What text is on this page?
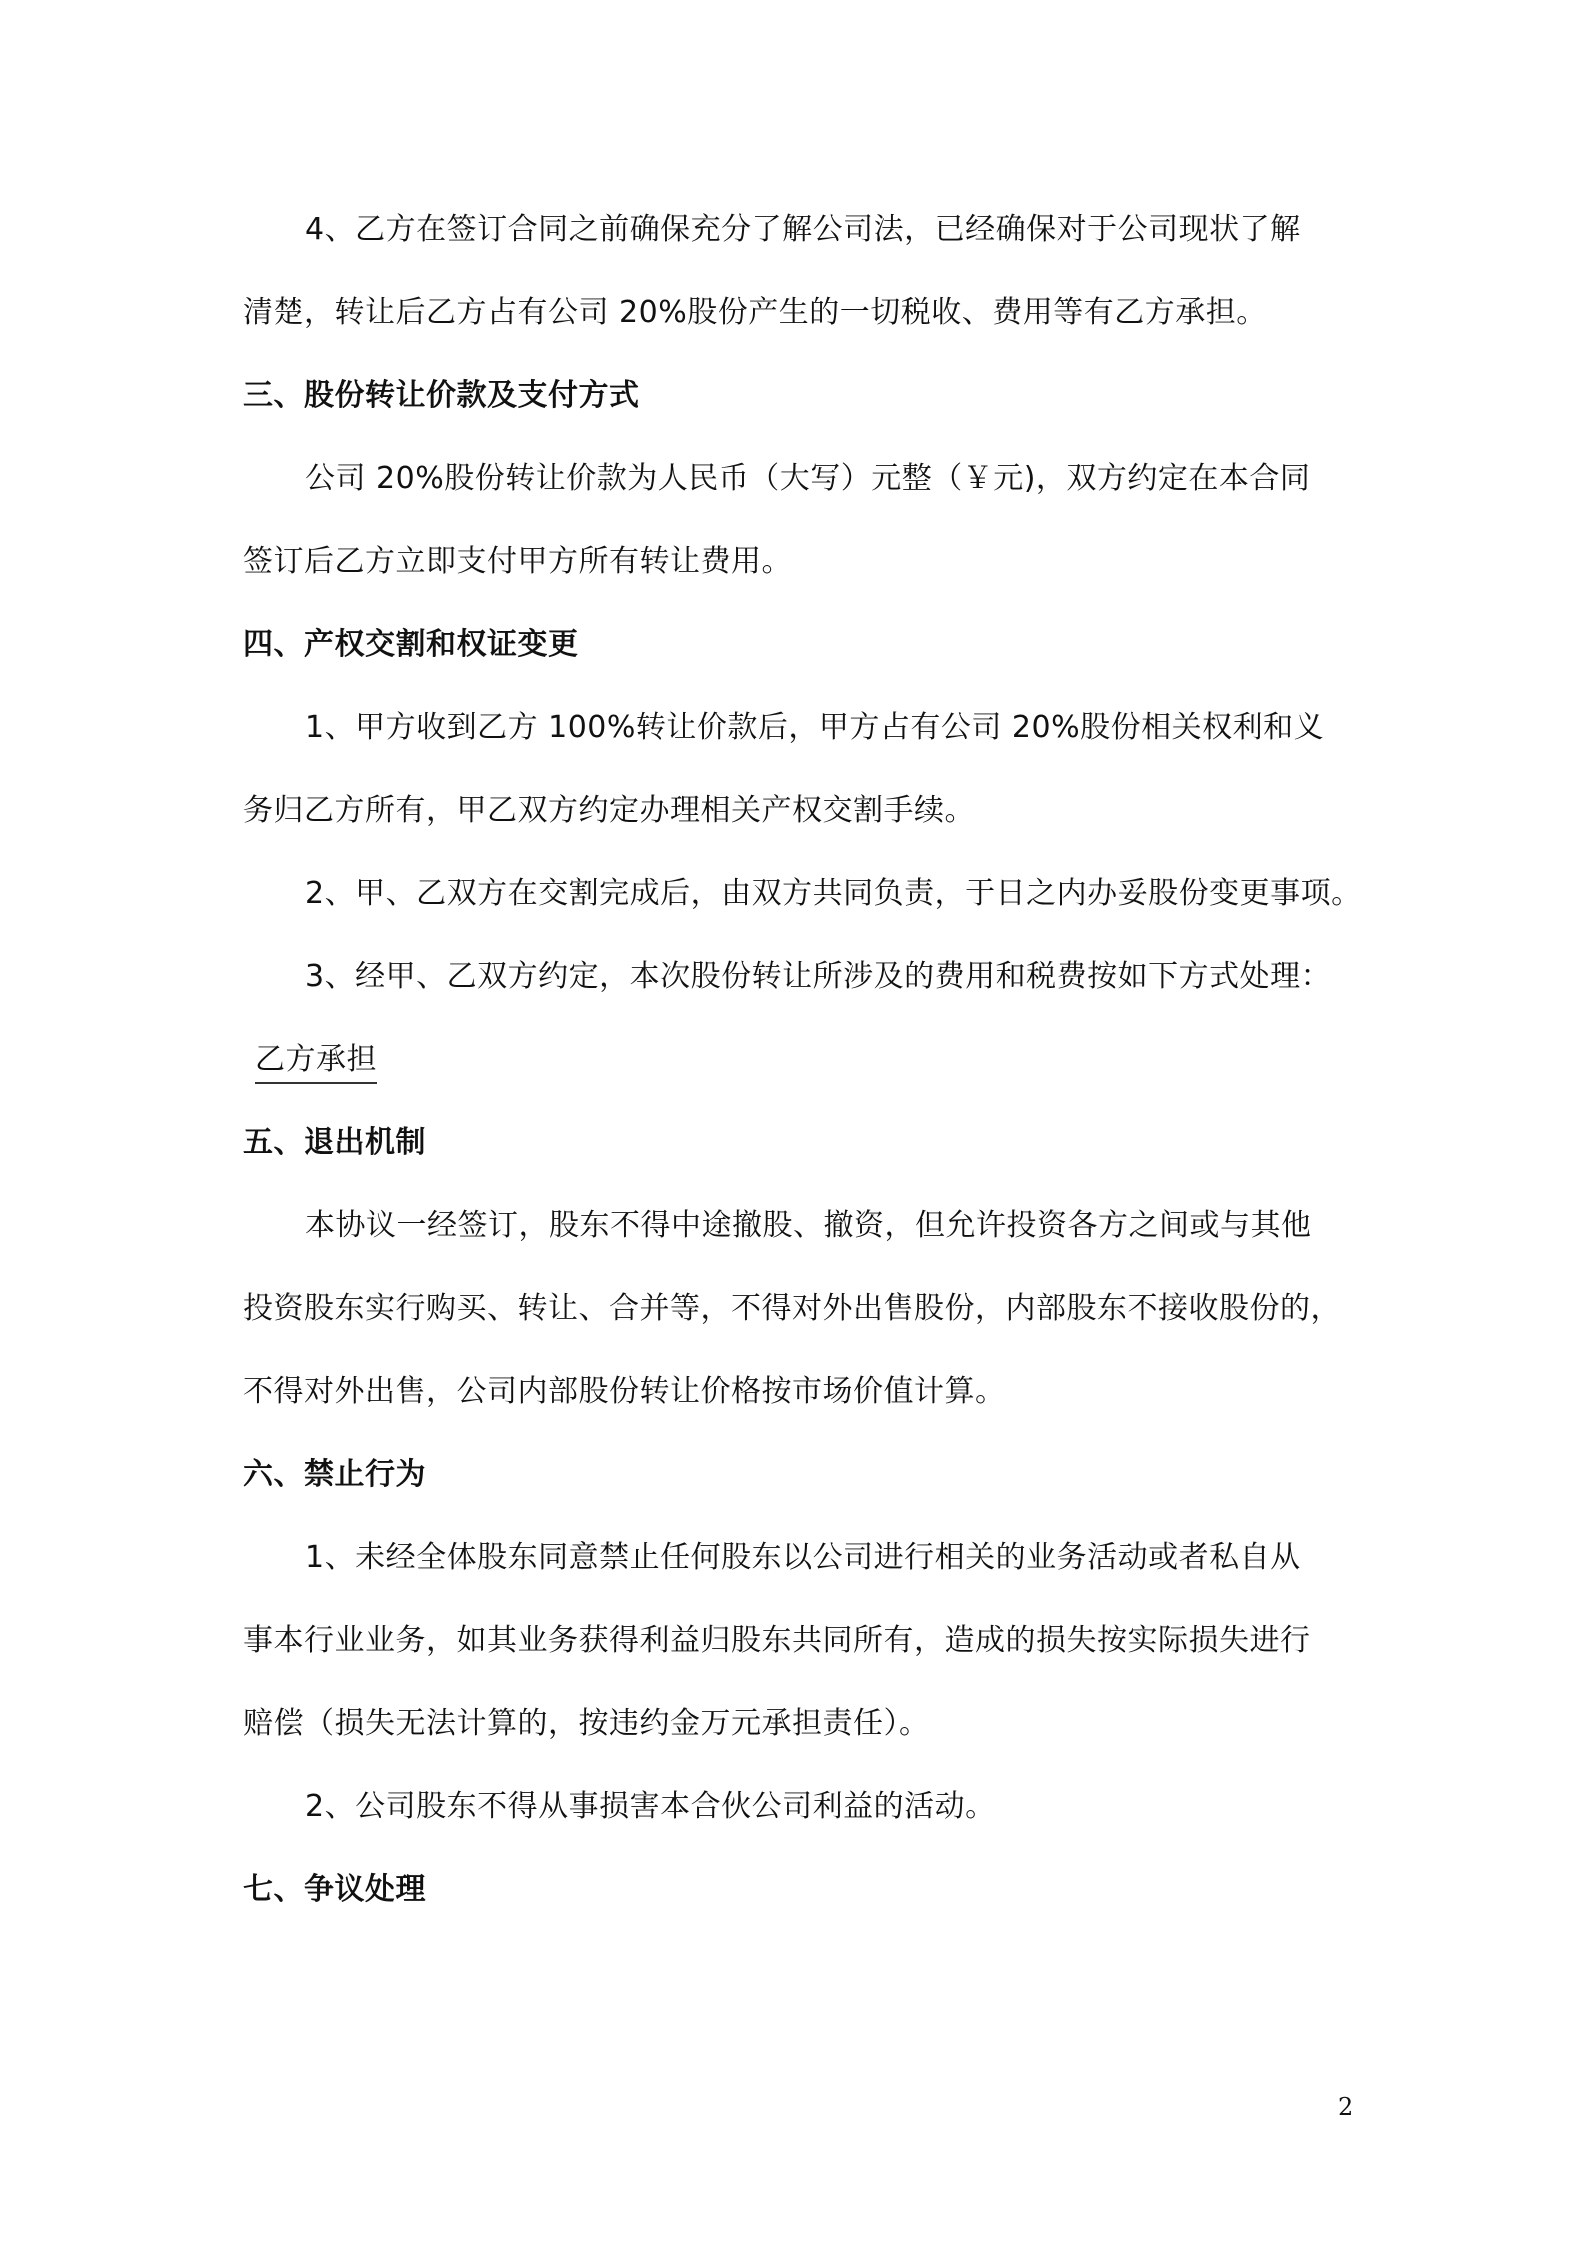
4、乙方在签订合同之前确保充分了解公司法，已经确保对于公司现状了解
清楚，转让后乙方占有公司 20%股份产生的一切税收、费用等有乙方承担。
三、股份转让价款及支付方式
公司 20%股份转让价款为人民币（大写）元整（￥元)，双方约定在本合同
签订后乙方立即支付甲方所有转让费用。
四、产权交割和权证变更
1、甲方收到乙方 100%转让价款后，甲方占有公司 20%股份相关权利和义
务归乙方所有，甲乙双方约定办理相关产权交割手续。
2、甲、乙双方在交割完成后，由双方共同负责，于日之内办妥股份变更事项。
3、经甲、乙双方约定，本次股份转让所涉及的费用和税费按如下方式处理：
乙方承担
五、退出机制
本协议一经签订，股东不得中途撤股、撤资，但允许投资各方之间或与其他
投资股东实行购买、转让、合并等，不得对外出售股份，内部股东不接收股份的，
不得对外出售，公司内部股份转让价格按市场价值计算。
六、禁止行为
1、未经全体股东同意禁止任何股东以公司进行相关的业务活动或者私自从
事本行业业务，如其业务获得利益归股东共同所有，造成的损失按实际损失进行
赔偿（损失无法计算的，按违约金万元承担责任）。
2、公司股东不得从事损害本合伙公司利益的活动。
七、争议处理
2
